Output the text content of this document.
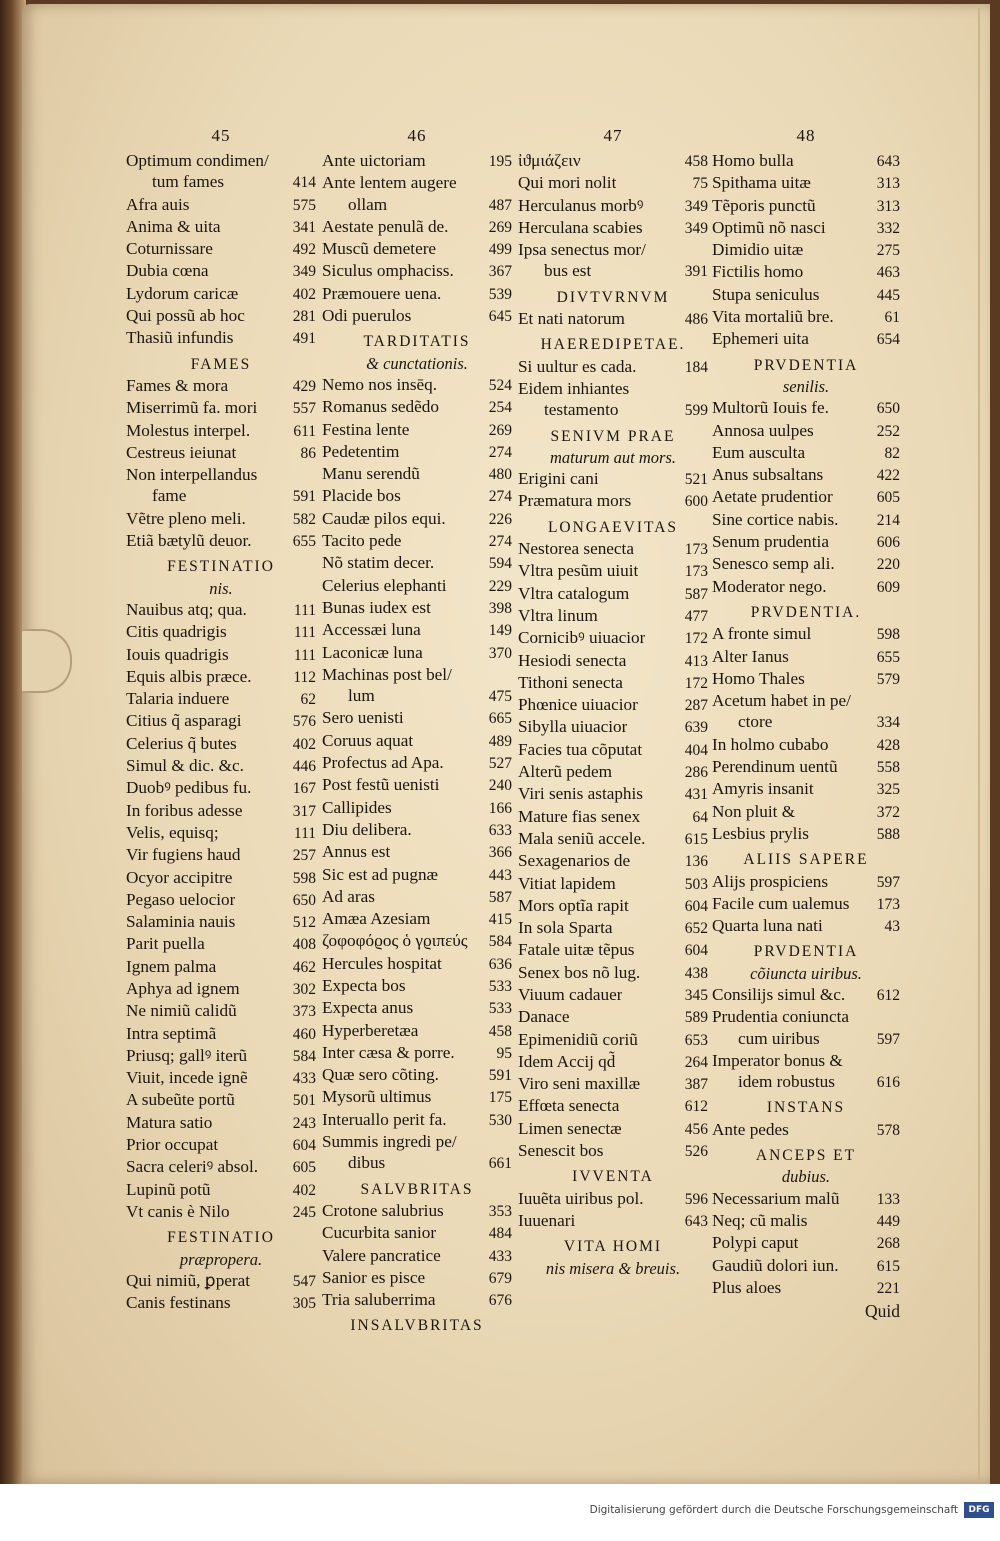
45
Optimum condimen/
tum fames	414
Afra auis	575
Anima & uita	341
Coturnissare	492
Dubia cœna	349
Lydorum caricæ	402
Qui possũ ab hoc	281
Thasiũ infundis	491
FAMES
Fames & mora	429
Miserrimũ fa. mori 557
Molestus interpel.	611
Cestreus ieiunat	86
Non interpellandus
fame	591
Vẽtre pleno meli.	582
Etiã bætylũ deuor.	655
FESTINATIO
nis.
Nauibus atq; qua.	111
Citis quadrigis	111
Iouis quadrigis	111
Equis albis præce.	112
Talaria induere	62
Citius q̃ asparagi	576
Celerius q̃ butes	402
Simul & dic. &c.	446
Duobꝰ pedibus fu.	167
In foribus adesse	317
Velis, equisq;	111
Vir fugiens haud	257
Ocyor accipitre	598
Pegaso uelocior	650
Salaminia nauis	512
Parit puella	408
Ignem palma	462
Aphya ad ignem	302
Ne nimiũ calidũ	373
Intra septimã	460
Priusq; gallꝰ iterũ	584
Viuit, incede ignẽ	433
A subeũte portũ	501
Matura satio	243
Prior occupat	604
Sacra celeriꝰ absol. 605
Lupinũ potũ	402
Vt canis è Nilo	245
FESTINATIO
præpropera.
Qui nimiũ, ꝑperat	547
Canis festinans	305
46
Ante uictoriam	195
Ante lentem augere
ollam	487
Aestate penulã de.	269
Muscũ demetere	499
Siculus omphaciss. 367
Præmouere uena.	539
Odi puerulos	645
TARDITATIS
& cunctationis.
Nemo nos insēq.	524
Romanus sedẽdo	254
Festina lente	269
Pedetentim	274
Manu serendũ	480
Placide bos	274
Caudæ pilos equi.	226
Tacito pede	274
Nõ statim decer.	594
Celerius elephanti	229
Bunas iudex est	398
Accessæi luna	149
Laconicæ luna	370
Machinas post bel/
lum	475
Sero uenisti	665
Coruus aquat	489
Profectus ad Apa.	527
Post festũ uenisti	240
Callipides	166
Diu delibera.	633
Annus est	366
Sic est ad pugnæ	443
Ad aras	587
Amæa Azesiam	415
ζοφοφόϱος ὁ γϱιπεύς 584
Hercules hospitat	636
Expecta bos	533
Expecta anus	533
Hyperberetæa	458
Inter cæsa & porre.	95
Quæ sero cõting.	591
Mysorũ ultimus	175
Interuallo perit fa.	530
Summis ingredi pe/
dibus	661
SALVBRITAS
Crotone salubrius	353
Cucurbita sanior	484
Valere pancratice	433
Sanior es pisce	679
Tria saluberrima	676
INSALVBRITAS
47
ἰϑμιάζειν	458
Qui mori nolit	75
Herculanus morbꝰ	349
Herculana scabies	349
Ipsa senectus mor/
bus est	391
DIVTVRNVM
Et nati natorum	486
HAEREDIPETAE.
Si uultur es cada.	184
Eidem inhiantes
testamento	599
SENIVM PRAE
maturum aut mors.
Erigini cani	521
Præmatura mors	600
LONGAEVITAS
Nestorea senecta	173
Vltra pesũm uiuit	173
Vltra catalogum	587
Vltra linum	477
Cornicibꝰ uiuacior	172
Hesiodi senecta	413
Tithoni senecta	172
Phœnice uiuacior	287
Sibylla uiuacior	639
Facies tua cõputat	404
Alterũ pedem	286
Viri senis astaphis	431
Mature fias senex	64
Mala seniũ accele.	615
Sexagenarios de	136
Vitiat lapidem	503
Mors optĩa rapit	604
In sola Sparta	652
Fatale uitæ tẽpus	604
Senex bos nõ lug.	438
Viuum cadauer	345
Danace	589
Epimenidiũ coriũ	653
Idem Accij qd̃	264
Viro seni maxillæ	387
Effœta senecta	612
Limen senectæ	456
Senescit bos	526
IVVENTA
Iuuẽta uiribus pol.	596
Iuuenari	643
VITA HOMI
nis misera & breuis.
48
Homo bulla	643
Spithama uitæ	313
Tẽporis punctũ	313
Optimũ nõ nasci	332
Dimidio uitæ	275
Fictilis homo	463
Stupa seniculus	445
Vita mortaliũ bre.	61
Ephemeri uita	654
PRVDENTIA
senilis.
Multorũ Iouis fe.	650
Annosa uulpes	252
Eum ausculta	82
Anus subsaltans	422
Aetate prudentior	605
Sine cortice nabis. 214
Senum prudentia	606
Senesco semp ali.	220
Moderator nego.	609
PRVDENTIA.
A fronte simul	598
Alter Ianus	655
Homo Thales	579
Acetum habet in pe/
ctore	334
In holmo cubabo	428
Perendinum uentũ	558
Amyris insanit	325
Non pluit &	372
Lesbius prylis	588
ALIIS SAPERE
Alijs prospiciens	597
Facile cum ualemus 173
Quarta luna nati	43
PRVDENTIA
cõiuncta uiribus.
Consilijs simul &c. 612
Prudentia coniuncta
cum uiribus	597
Imperator bonus &
idem robustus	616
INSTANS
Ante pedes	578
ANCEPS ET
dubius.
Necessarium malũ 133
Neq; cũ malis	449
Polypi caput	268
Gaudiũ dolori iun. 615
Plus aloes	221
Quid
Digitalisierung gefördert durch die Deutsche Forschungsgemeinschaft	DFG
